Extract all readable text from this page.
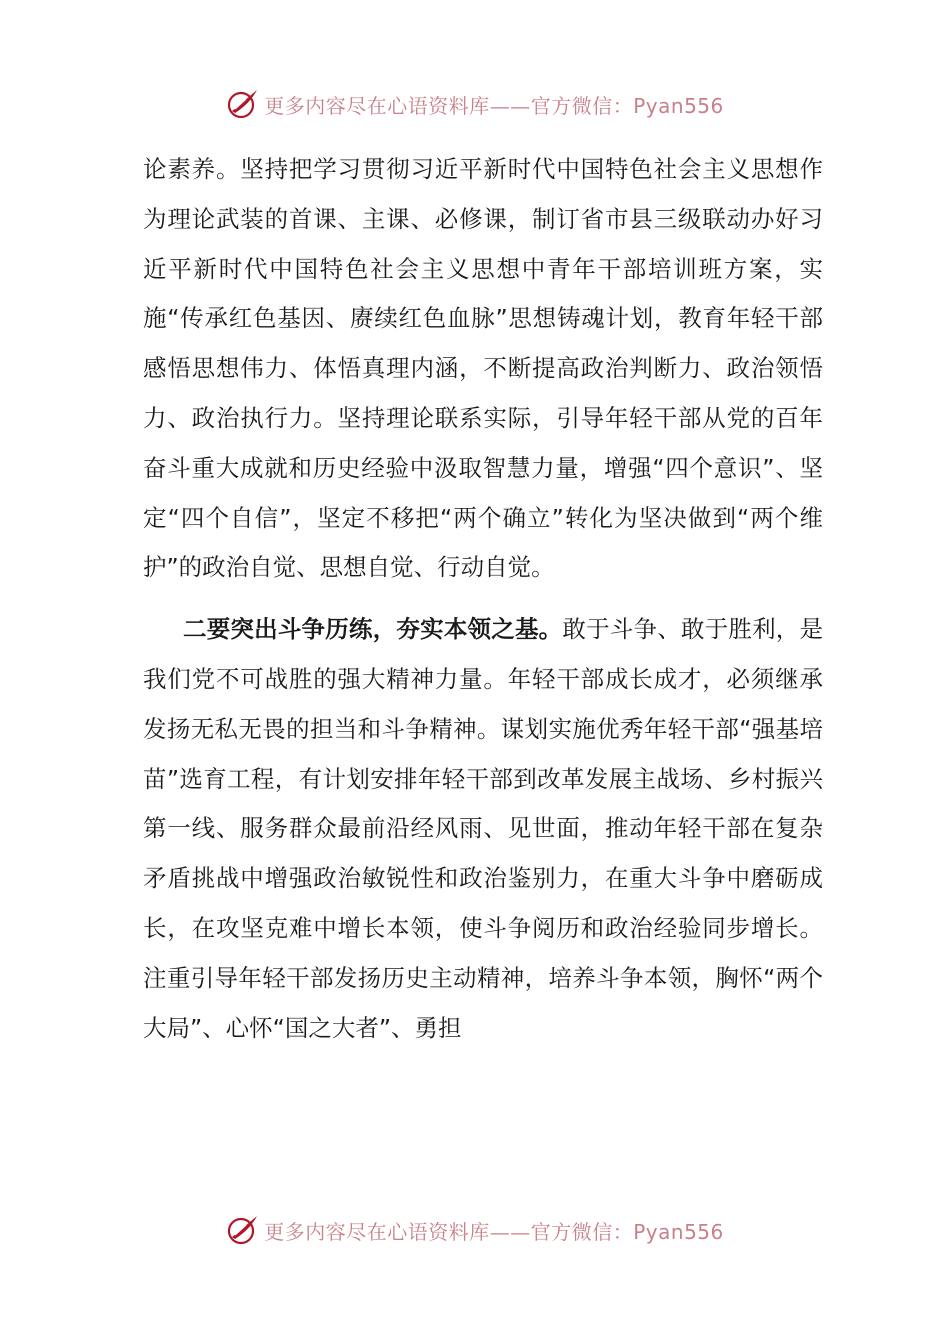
更多内容尽在心语资料库——官方微信：Pyan556

论素养。坚持把学习贯彻习近平新时代中国特色社会主义思想作为理论武装的首课、主课、必修课，制订省市县三级联动办好习近平新时代中国特色社会主义思想中青年干部培训班方案，实施“传承红色基因、赓续红色血脉”思想铸魂计划，教育年轻干部感悟思想伟力、体悟真理内涵，不断提高政治判断力、政治领悟力、政治执行力。坚持理论联系实际，引导年轻干部从党的百年奋斗重大成就和历史经验中汲取智慧力量，增强“四个意识”、坚定“四个自信”，坚定不移把“两个确立”转化为坚决做到“两个维护”的政治自觉、思想自觉、行动自觉。

二要突出斗争历练，夯实本领之基。敢于斗争、敢于胜利，是我们党不可战胜的强大精神力量。年轻干部成长成才，必须继承发扬无私无畏的担当和斗争精神。谋划实施优秀年轻干部“强基培苗”选育工程，有计划安排年轻干部到改革发展主战场、乡村振兴第一线、服务群众最前沿经风雨、见世面，推动年轻干部在复杂矛盾挑战中增强政治敏锐性和政治鉴别力，在重大斗争中磨砺成长，在攻坚克难中增长本领，使斗争阅历和政治经验同步增长。注重引导年轻干部发扬历史主动精神，培养斗争本领，胸怀“两个大局”、心怀“国之大者”、勇担

更多内容尽在心语资料库——官方微信：Pyan556
